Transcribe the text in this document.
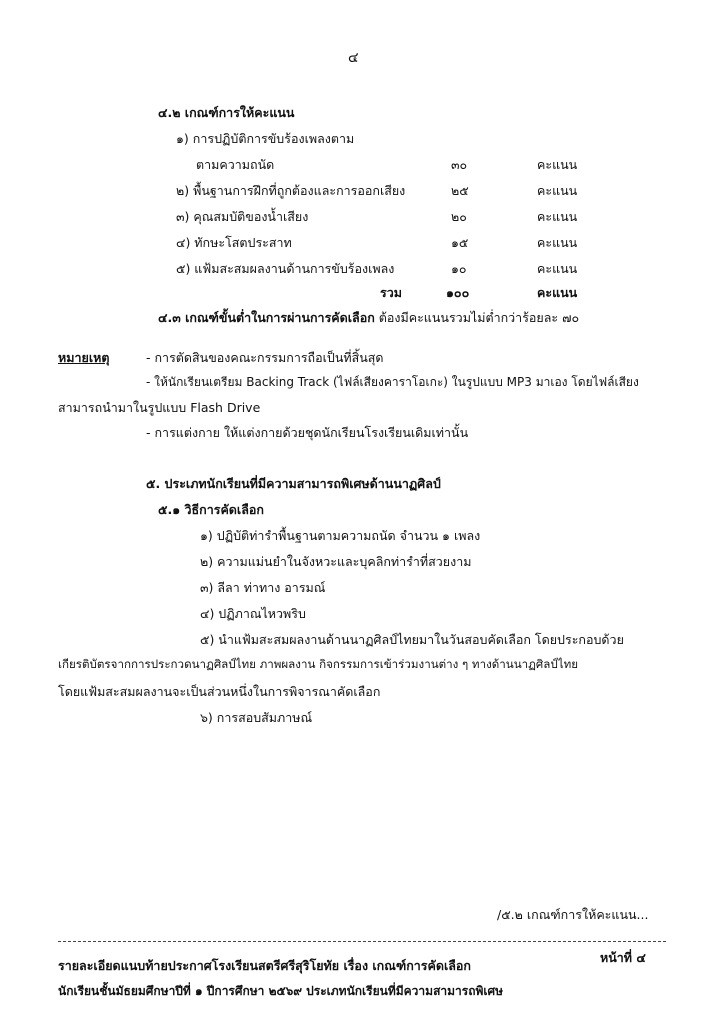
๔
๔.๒ เกณฑ์การให้คะแนน
๑) การปฏิบัติการขับร้องเพลงตาม
ตามความถนัด	๓๐	คะแนน
๒) พื้นฐานการฝึกที่ถูกต้องและการออกเสียง	๒๕	คะแนน
๓) คุณสมบัติของน้ำเสียง	๒๐	คะแนน
๔) ทักษะโสตประสาท	๑๕	คะแนน
๕) แฟ้มสะสมผลงานด้านการขับร้องเพลง	๑๐	คะแนน
รวม	๑๐๐	คะแนน
๔.๓ เกณฑ์ขั้นต่ำในการผ่านการคัดเลือก ต้องมีคะแนนรวมไม่ต่ำกว่าร้อยละ ๗๐
หมายเหตุ	- การตัดสินของคณะกรรมการถือเป็นที่สิ้นสุด
- ให้นักเรียนเตรียม Backing Track (ไฟล์เสียงคาราโอเกะ) ในรูปแบบ MP3 มาเอง โดยไฟล์เสียง
สามารถนำมาในรูปแบบ Flash Drive
- การแต่งกาย ให้แต่งกายด้วยชุดนักเรียนโรงเรียนเดิมเท่านั้น
๕. ประเภทนักเรียนที่มีความสามารถพิเศษด้านนาฏศิลป์
๕.๑ วิธีการคัดเลือก
๑) ปฏิบัติท่ารำพื้นฐานตามความถนัด จำนวน ๑ เพลง
๒) ความแม่นยำในจังหวะและบุคลิกท่ารำที่สวยงาม
๓) ลีลา ท่าทาง อารมณ์
๔) ปฏิภาณไหวพริบ
๕) นำแฟ้มสะสมผลงานด้านนาฏศิลป์ไทยมาในวันสอบคัดเลือก โดยประกอบด้วย
เกียรติบัตรจากการประกวดนาฏศิลป์ไทย ภาพผลงาน กิจกรรมการเข้าร่วมงานต่าง ๆ ทางด้านนาฏศิลป์ไทย
โดยแฟ้มสะสมผลงานจะเป็นส่วนหนึ่งในการพิจารณาคัดเลือก
๖) การสอบสัมภาษณ์
/๕.๒ เกณฑ์การให้คะแนน...
รายละเอียดแนบท้ายประกาศโรงเรียนสตรีศรีสุริโยทัย เรื่อง เกณฑ์การคัดเลือก
หน้าที่ ๔
นักเรียนชั้นมัธยมศึกษาปีที่ ๑ ปีการศึกษา ๒๕๖๙ ประเภทนักเรียนที่มีความสามารถพิเศษ
